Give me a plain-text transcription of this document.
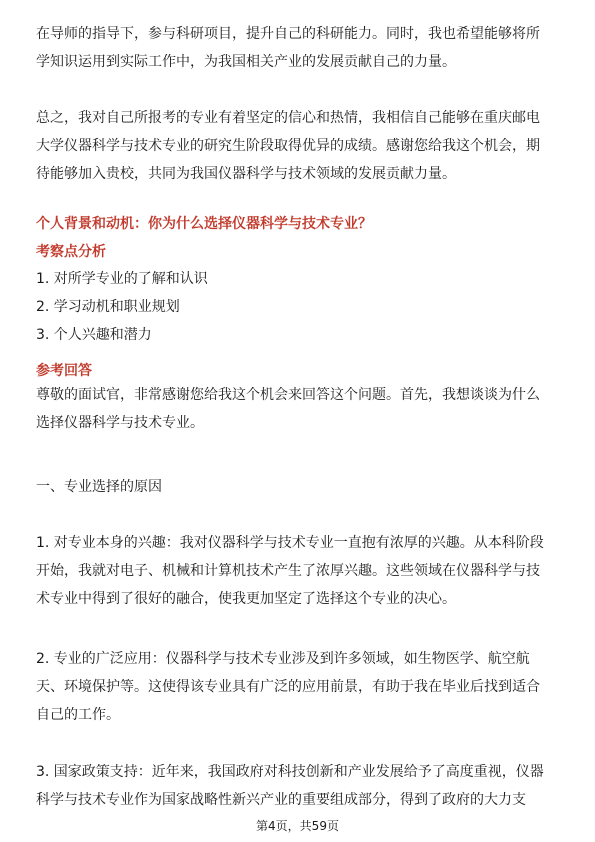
在导师的指导下，参与科研项目，提升自己的科研能力。同时，我也希望能够将所
学知识运用到实际工作中，为我国相关产业的发展贡献自己的力量。

总之，我对自己所报考的专业有着坚定的信心和热情，我相信自己能够在重庆邮电
大学仪器科学与技术专业的研究生阶段取得优异的成绩。感谢您给我这个机会，期
待能够加入贵校，共同为我国仪器科学与技术领域的发展贡献力量。

个人背景和动机：你为什么选择仪器科学与技术专业？

考察点分析

1. 对所学专业的了解和认识

2. 学习动机和职业规划

3. 个人兴趣和潜力

参考回答

尊敬的面试官，非常感谢您给我这个机会来回答这个问题。首先，我想谈谈为什么
选择仪器科学与技术专业。

一、专业选择的原因

1. 对专业本身的兴趣：我对仪器科学与技术专业一直抱有浓厚的兴趣。从本科阶段
开始，我就对电子、机械和计算机技术产生了浓厚兴趣。这些领域在仪器科学与技
术专业中得到了很好的融合，使我更加坚定了选择这个专业的决心。

2. 专业的广泛应用：仪器科学与技术专业涉及到许多领域，如生物医学、航空航
天、环境保护等。这使得该专业具有广泛的应用前景，有助于我在毕业后找到适合
自己的工作。

3. 国家政策支持：近年来，我国政府对科技创新和产业发展给予了高度重视，仪器
科学与技术专业作为国家战略性新兴产业的重要组成部分，得到了政府的大力支

第4页，共59页
